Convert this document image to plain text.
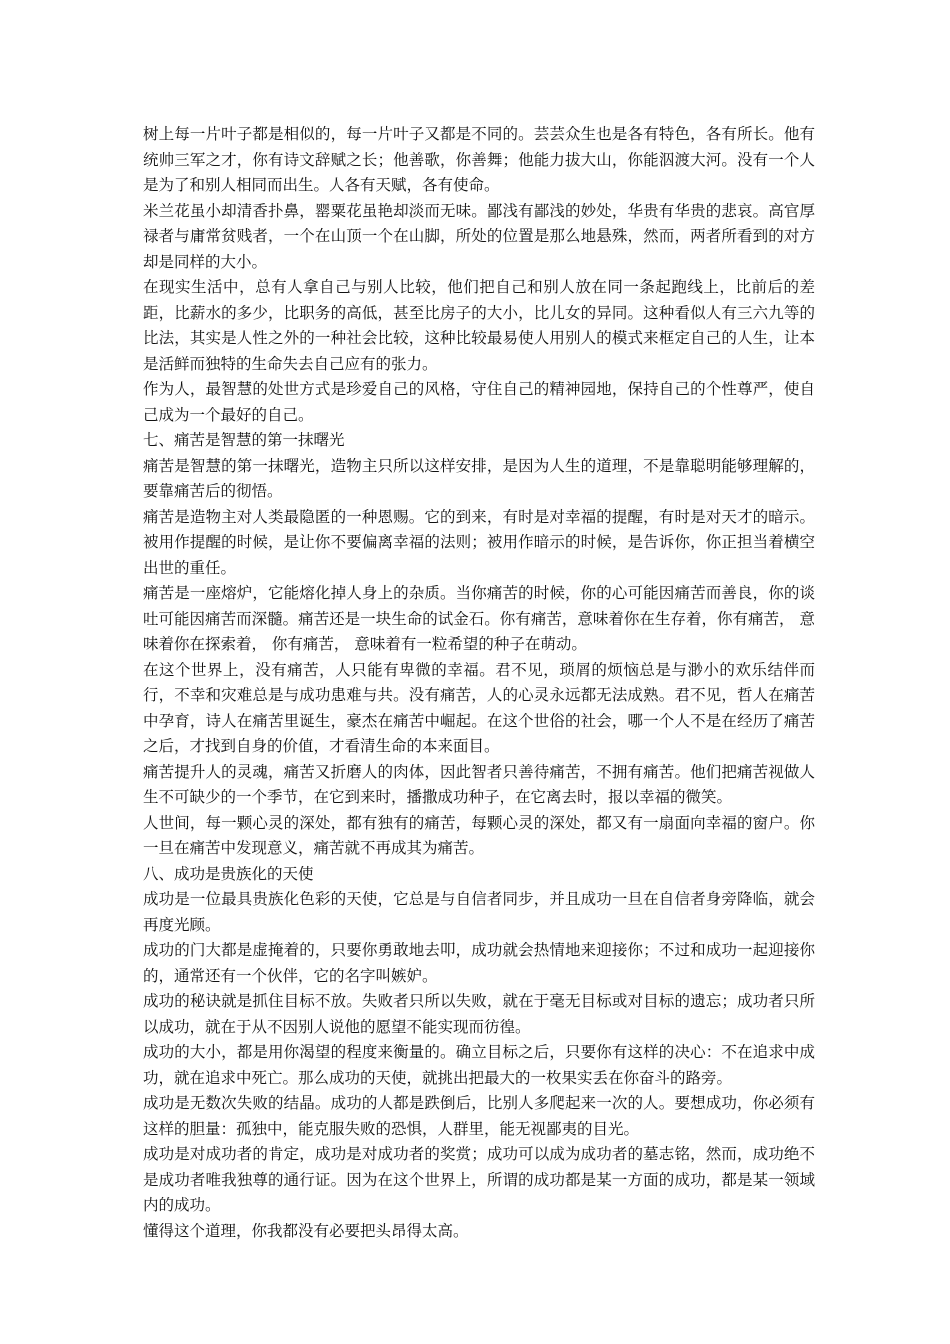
树上每一片叶子都是相似的，每一片叶子又都是不同的。芸芸众生也是各有特色，各有所长。他有统帅三军之才，你有诗文辞赋之长；他善歌，你善舞；他能力拔大山，你能泅渡大河。没有一个人是为了和别人相同而出生。人各有天赋，各有使命。

米兰花虽小却清香扑鼻，罂粟花虽艳却淡而无味。鄙浅有鄙浅的妙处，华贵有华贵的悲哀。高官厚禄者与庸常贫贱者，一个在山顶一个在山脚，所处的位置是那么地悬殊，然而，两者所看到的对方却是同样的大小。

在现实生活中，总有人拿自己与别人比较，他们把自己和别人放在同一条起跑线上，比前后的差距，比薪水的多少，比职务的高低，甚至比房子的大小，比儿女的异同。这种看似人有三六九等的比法，其实是人性之外的一种社会比较，这种比较最易使人用别人的模式来框定自己的人生，让本是活鲜而独特的生命失去自己应有的张力。

作为人，最智慧的处世方式是珍爱自己的风格，守住自己的精神园地，保持自己的个性尊严，使自己成为一个最好的自己。

七、痛苦是智慧的第一抹曙光

痛苦是智慧的第一抹曙光，造物主只所以这样安排，是因为人生的道理，不是靠聪明能够理解的，要靠痛苦后的彻悟。

痛苦是造物主对人类最隐匿的一种恩赐。它的到来，有时是对幸福的提醒，有时是对天才的暗示。被用作提醒的时候，是让你不要偏离幸福的法则；被用作暗示的时候，是告诉你，你正担当着横空出世的重任。

痛苦是一座熔炉，它能熔化掉人身上的杂质。当你痛苦的时候，你的心可能因痛苦而善良，你的谈吐可能因痛苦而深髓。痛苦还是一块生命的试金石。你有痛苦，意味着你在生存着，你有痛苦， 意味着你在探索着， 你有痛苦， 意味着有一粒希望的种子在萌动。

在这个世界上，没有痛苦，人只能有卑微的幸福。君不见，琐屑的烦恼总是与渺小的欢乐结伴而行，不幸和灾难总是与成功患难与共。没有痛苦，人的心灵永远都无法成熟。君不见，哲人在痛苦中孕育，诗人在痛苦里诞生，豪杰在痛苦中崛起。在这个世俗的社会，哪一个人不是在经历了痛苦之后，才找到自身的价值，才看清生命的本来面目。

痛苦提升人的灵魂，痛苦又折磨人的肉体，因此智者只善待痛苦，不拥有痛苦。他们把痛苦视做人生不可缺少的一个季节，在它到来时，播撒成功种子，在它离去时，报以幸福的微笑。

人世间，每一颗心灵的深处，都有独有的痛苦，每颗心灵的深处，都又有一扇面向幸福的窗户。你一旦在痛苦中发现意义，痛苦就不再成其为痛苦。

八、成功是贵族化的天使

成功是一位最具贵族化色彩的天使，它总是与自信者同步，并且成功一旦在自信者身旁降临，就会再度光顾。

成功的门大都是虚掩着的，只要你勇敢地去叩，成功就会热情地来迎接你；不过和成功一起迎接你的，通常还有一个伙伴，它的名字叫嫉妒。

成功的秘诀就是抓住目标不放。失败者只所以失败，就在于毫无目标或对目标的遗忘；成功者只所以成功，就在于从不因别人说他的愿望不能实现而彷徨。

成功的大小，都是用你渴望的程度来衡量的。确立目标之后，只要你有这样的决心：不在追求中成功，就在追求中死亡。那么成功的天使，就挑出把最大的一枚果实丢在你奋斗的路旁。

成功是无数次失败的结晶。成功的人都是跌倒后，比别人多爬起来一次的人。要想成功，你必须有这样的胆量：孤独中，能克服失败的恐惧，人群里，能无视鄙夷的目光。

成功是对成功者的肯定，成功是对成功者的奖赏；成功可以成为成功者的墓志铭，然而，成功绝不是成功者唯我独尊的通行证。因为在这个世界上，所谓的成功都是某一方面的成功，都是某一领域内的成功。

懂得这个道理，你我都没有必要把头昂得太高。
